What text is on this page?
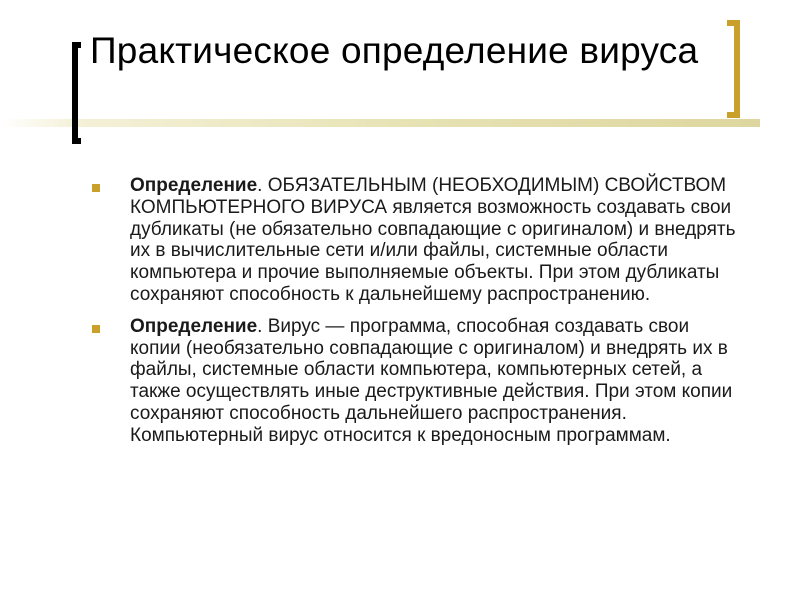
Практическое определение вируса
Определение. ОБЯЗАТЕЛЬНЫМ (НЕОБХОДИМЫМ) СВОЙСТВОМ КОМПЬЮТЕРНОГО ВИРУСА является возможность создавать свои дубликаты (не обязательно совпадающие с оригиналом) и внедрять их в вычислительные сети и/или файлы, системные области компьютера и прочие выполняемые объекты. При этом дубликаты сохраняют способность к дальнейшему распространению.
Определение. Вирус — программа, способная создавать свои копии (необязательно совпадающие с оригиналом) и внедрять их в файлы, системные области компьютера, компьютерных сетей, а также осуществлять иные деструктивные действия. При этом копии сохраняют способность дальнейшего распространения. Компьютерный вирус относится к вредоносным программам.
